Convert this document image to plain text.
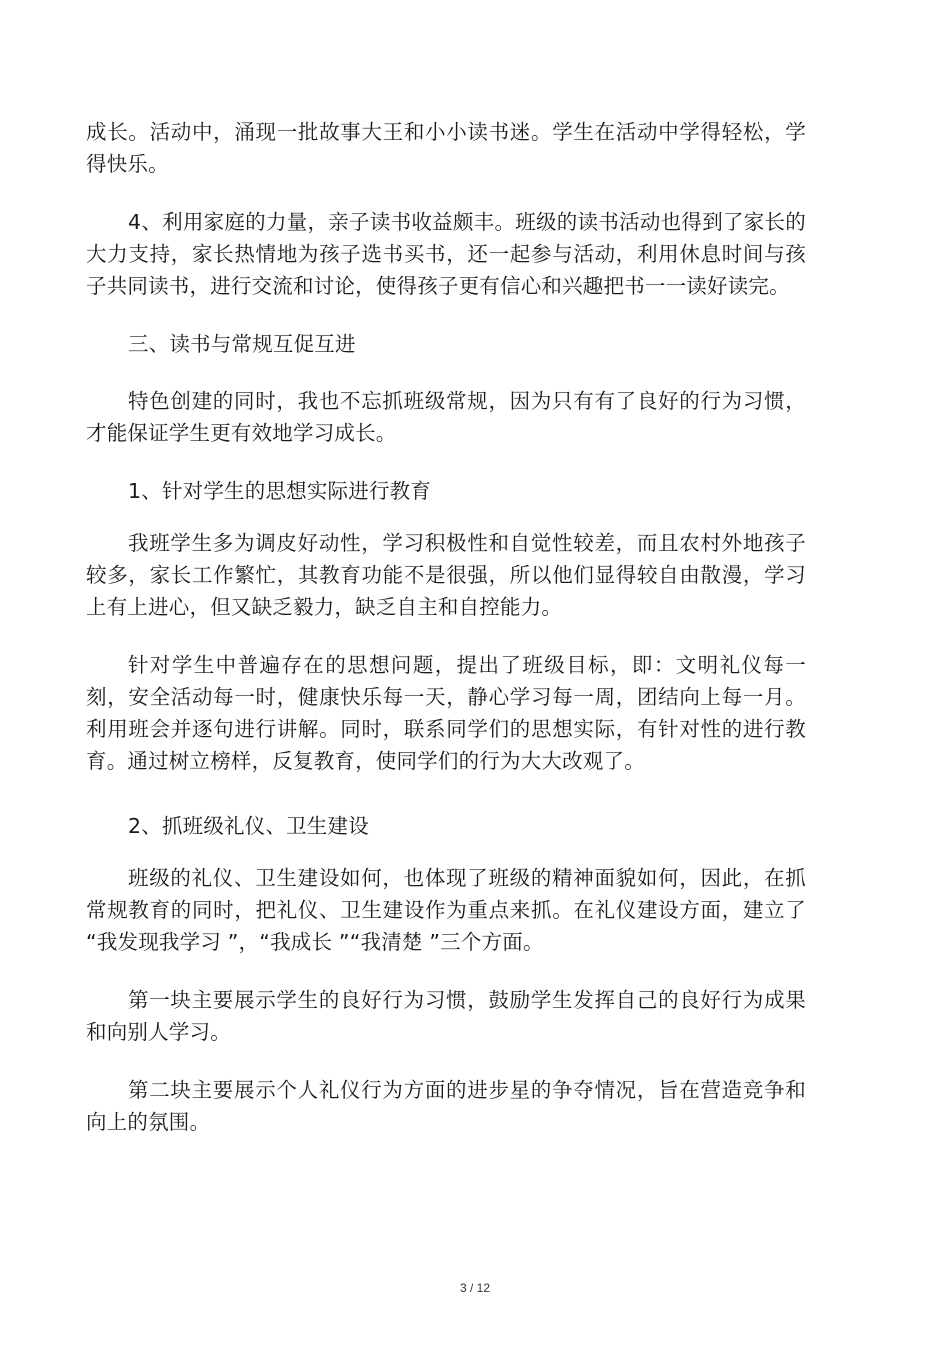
成长。活动中，涌现一批故事大王和小小读书迷。学生在活动中学得轻松，学得快乐。

4、利用家庭的力量，亲子读书收益颇丰。班级的读书活动也得到了家长的大力支持，家长热情地为孩子选书买书，还一起参与活动，利用休息时间与孩子共同读书，进行交流和讨论，使得孩子更有信心和兴趣把书一一读好读完。

三、读书与常规互促互进

特色创建的同时，我也不忘抓班级常规，因为只有有了良好的行为习惯，才能保证学生更有效地学习成长。

1、针对学生的思想实际进行教育

我班学生多为调皮好动性，学习积极性和自觉性较差，而且农村外地孩子较多，家长工作繁忙，其教育功能不是很强，所以他们显得较自由散漫，学习上有上进心，但又缺乏毅力，缺乏自主和自控能力。

针对学生中普遍存在的思想问题，提出了班级目标，即：文明礼仪每一刻，安全活动每一时，健康快乐每一天，静心学习每一周，团结向上每一月。利用班会并逐句进行讲解。同时，联系同学们的思想实际，有针对性的进行教育。通过树立榜样，反复教育，使同学们的行为大大改观了。

2、抓班级礼仪、卫生建设

班级的礼仪、卫生建设如何，也体现了班级的精神面貌如何，因此，在抓常规教育的同时，把礼仪、卫生建设作为重点来抓。在礼仪建设方面，建立了 “我发现我学习 ”，“我成长 ”“我清楚 ”三个方面。

第一块主要展示学生的良好行为习惯，鼓励学生发挥自己的良好行为成果和向别人学习。

第二块主要展示个人礼仪行为方面的进步星的争夺情况，旨在营造竞争和向上的氛围。

3 / 12
